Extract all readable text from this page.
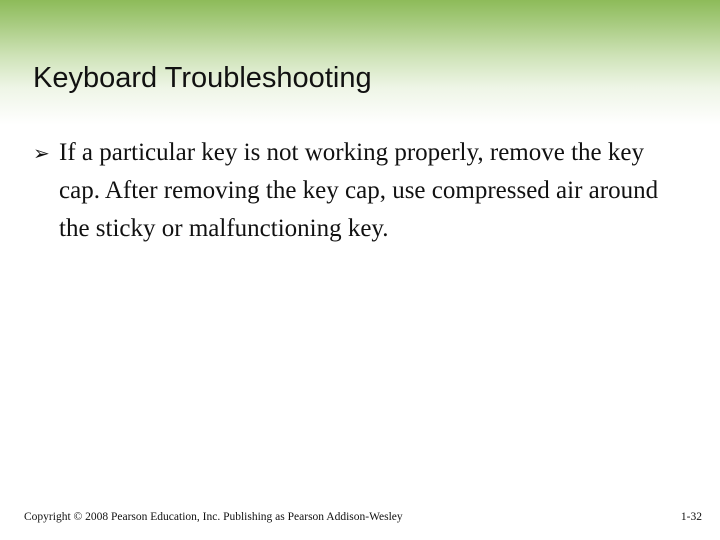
Keyboard Troubleshooting
➢ If a particular key is not working properly, remove the key cap. After removing the key cap, use compressed air around the sticky or malfunctioning key.
Copyright © 2008 Pearson Education, Inc. Publishing as Pearson Addison-Wesley	1-32
